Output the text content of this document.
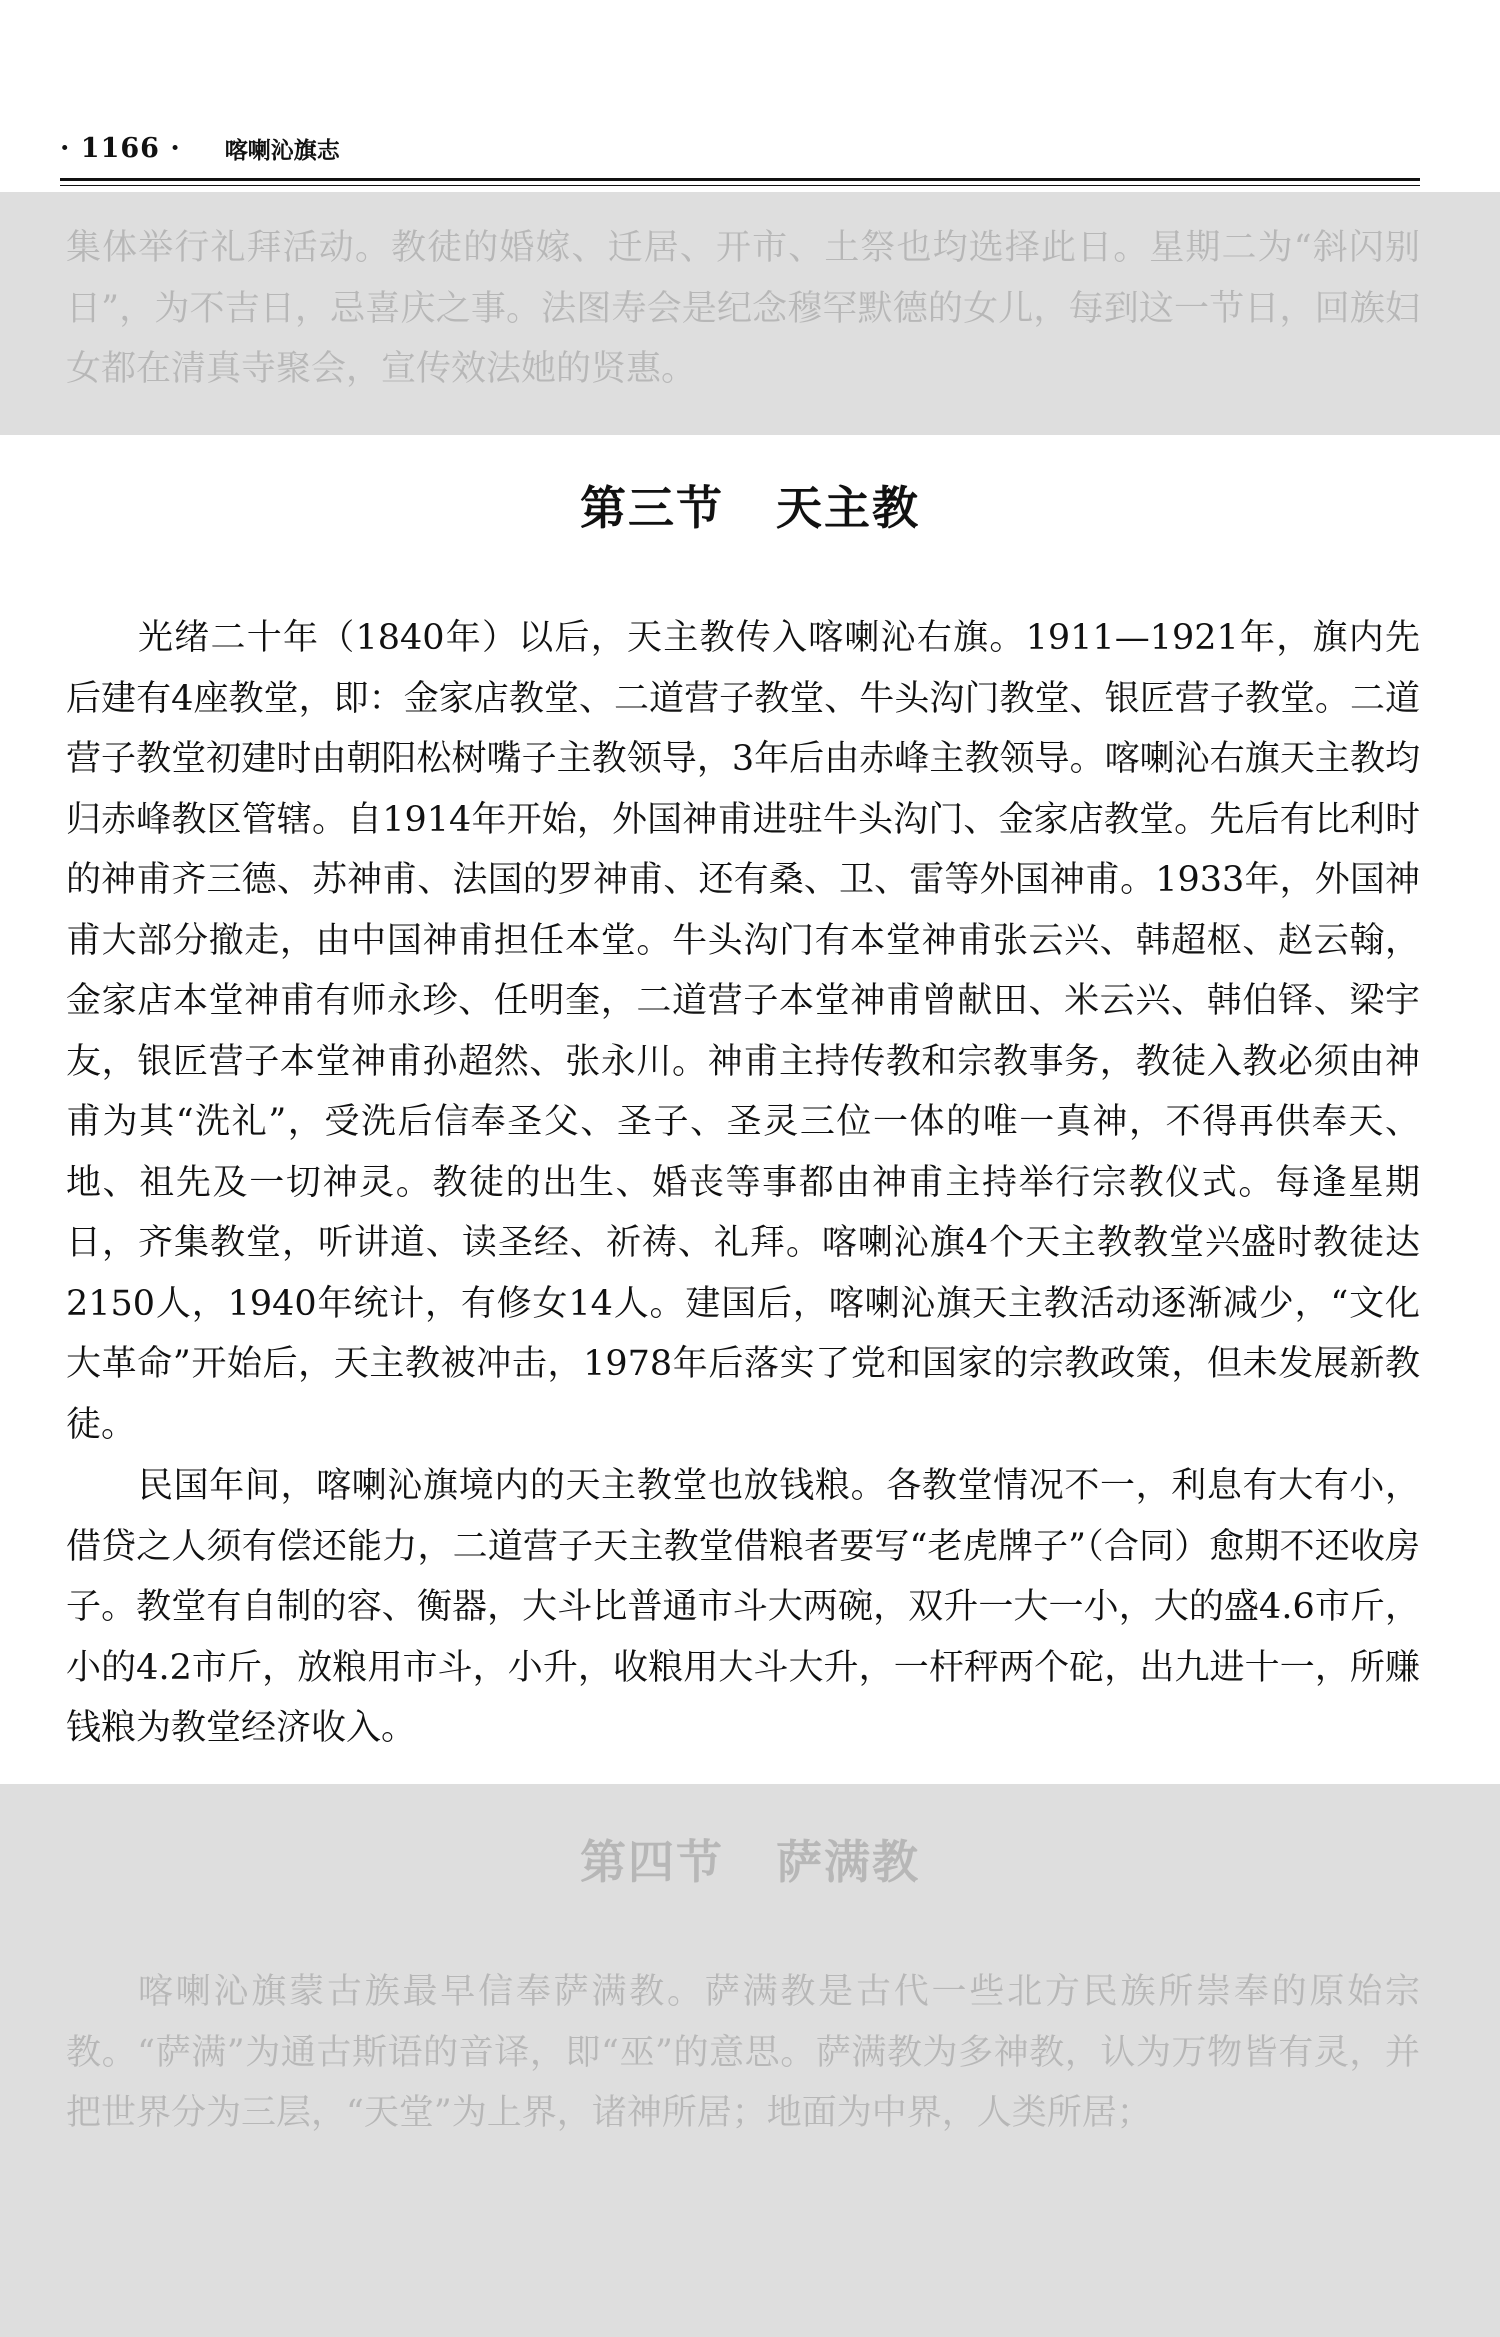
· 1166 · 喀喇沁旗志

集体举行礼拜活动。教徒的婚嫁、迁居、开市、土祭也均选择此日。星期二为“斜闪别日”，为不吉日，忌喜庆之事。法图寿会是纪念穆罕默德的女儿，每到这一节日，回族妇女都在清真寺聚会，宣传效法她的贤惠。

第三节 天主教

光绪二十年（1840年）以后，天主教传入喀喇沁右旗。1911—1921年，旗内先后建有4座教堂，即：金家店教堂、二道营子教堂、牛头沟门教堂、银匠营子教堂。二道营子教堂初建时由朝阳松树嘴子主教领导，3年后由赤峰主教领导。喀喇沁右旗天主教均归赤峰教区管辖。自1914年开始，外国神甫进驻牛头沟门、金家店教堂。先后有比利时的神甫齐三德、苏神甫、法国的罗神甫、还有桑、卫、雷等外国神甫。1933年，外国神甫大部分撤走，由中国神甫担任本堂。牛头沟门有本堂神甫张云兴、韩超枢、赵云翰，金家店本堂神甫有师永珍、任明奎，二道营子本堂神甫曾献田、米云兴、韩伯铎、梁宇友，银匠营子本堂神甫孙超然、张永川。神甫主持传教和宗教事务，教徒入教必须由神甫为其“洗礼”，受洗后信奉圣父、圣子、圣灵三位一体的唯一真神，不得再供奉天、地、祖先及一切神灵。教徒的出生、婚丧等事都由神甫主持举行宗教仪式。每逢星期日，齐集教堂，听讲道、读圣经、祈祷、礼拜。喀喇沁旗4个天主教教堂兴盛时教徒达2150人，1940年统计，有修女14人。建国后，喀喇沁旗天主教活动逐渐减少，“文化大革命”开始后，天主教被冲击，1978年后落实了党和国家的宗教政策，但未发展新教徒。

民国年间，喀喇沁旗境内的天主教堂也放钱粮。各教堂情况不一，利息有大有小，借贷之人须有偿还能力，二道营子天主教堂借粮者要写“老虎牌子”（合同）愈期不还收房子。教堂有自制的容、衡器，大斗比普通市斗大两碗，双升一大一小，大的盛4.6市斤，小的4.2市斤，放粮用市斗，小升，收粮用大斗大升，一杆秤两个砣，出九进十一，所赚钱粮为教堂经济收入。

第四节 萨满教

喀喇沁旗蒙古族最早信奉萨满教。萨满教是古代一些北方民族所崇奉的原始宗教。“萨满”为通古斯语的音译，即“巫”的意思。萨满教为多神教，认为万物皆有灵，并把世界分为三层，“天堂”为上界，诸神所居；地面为中界，人类所居；
